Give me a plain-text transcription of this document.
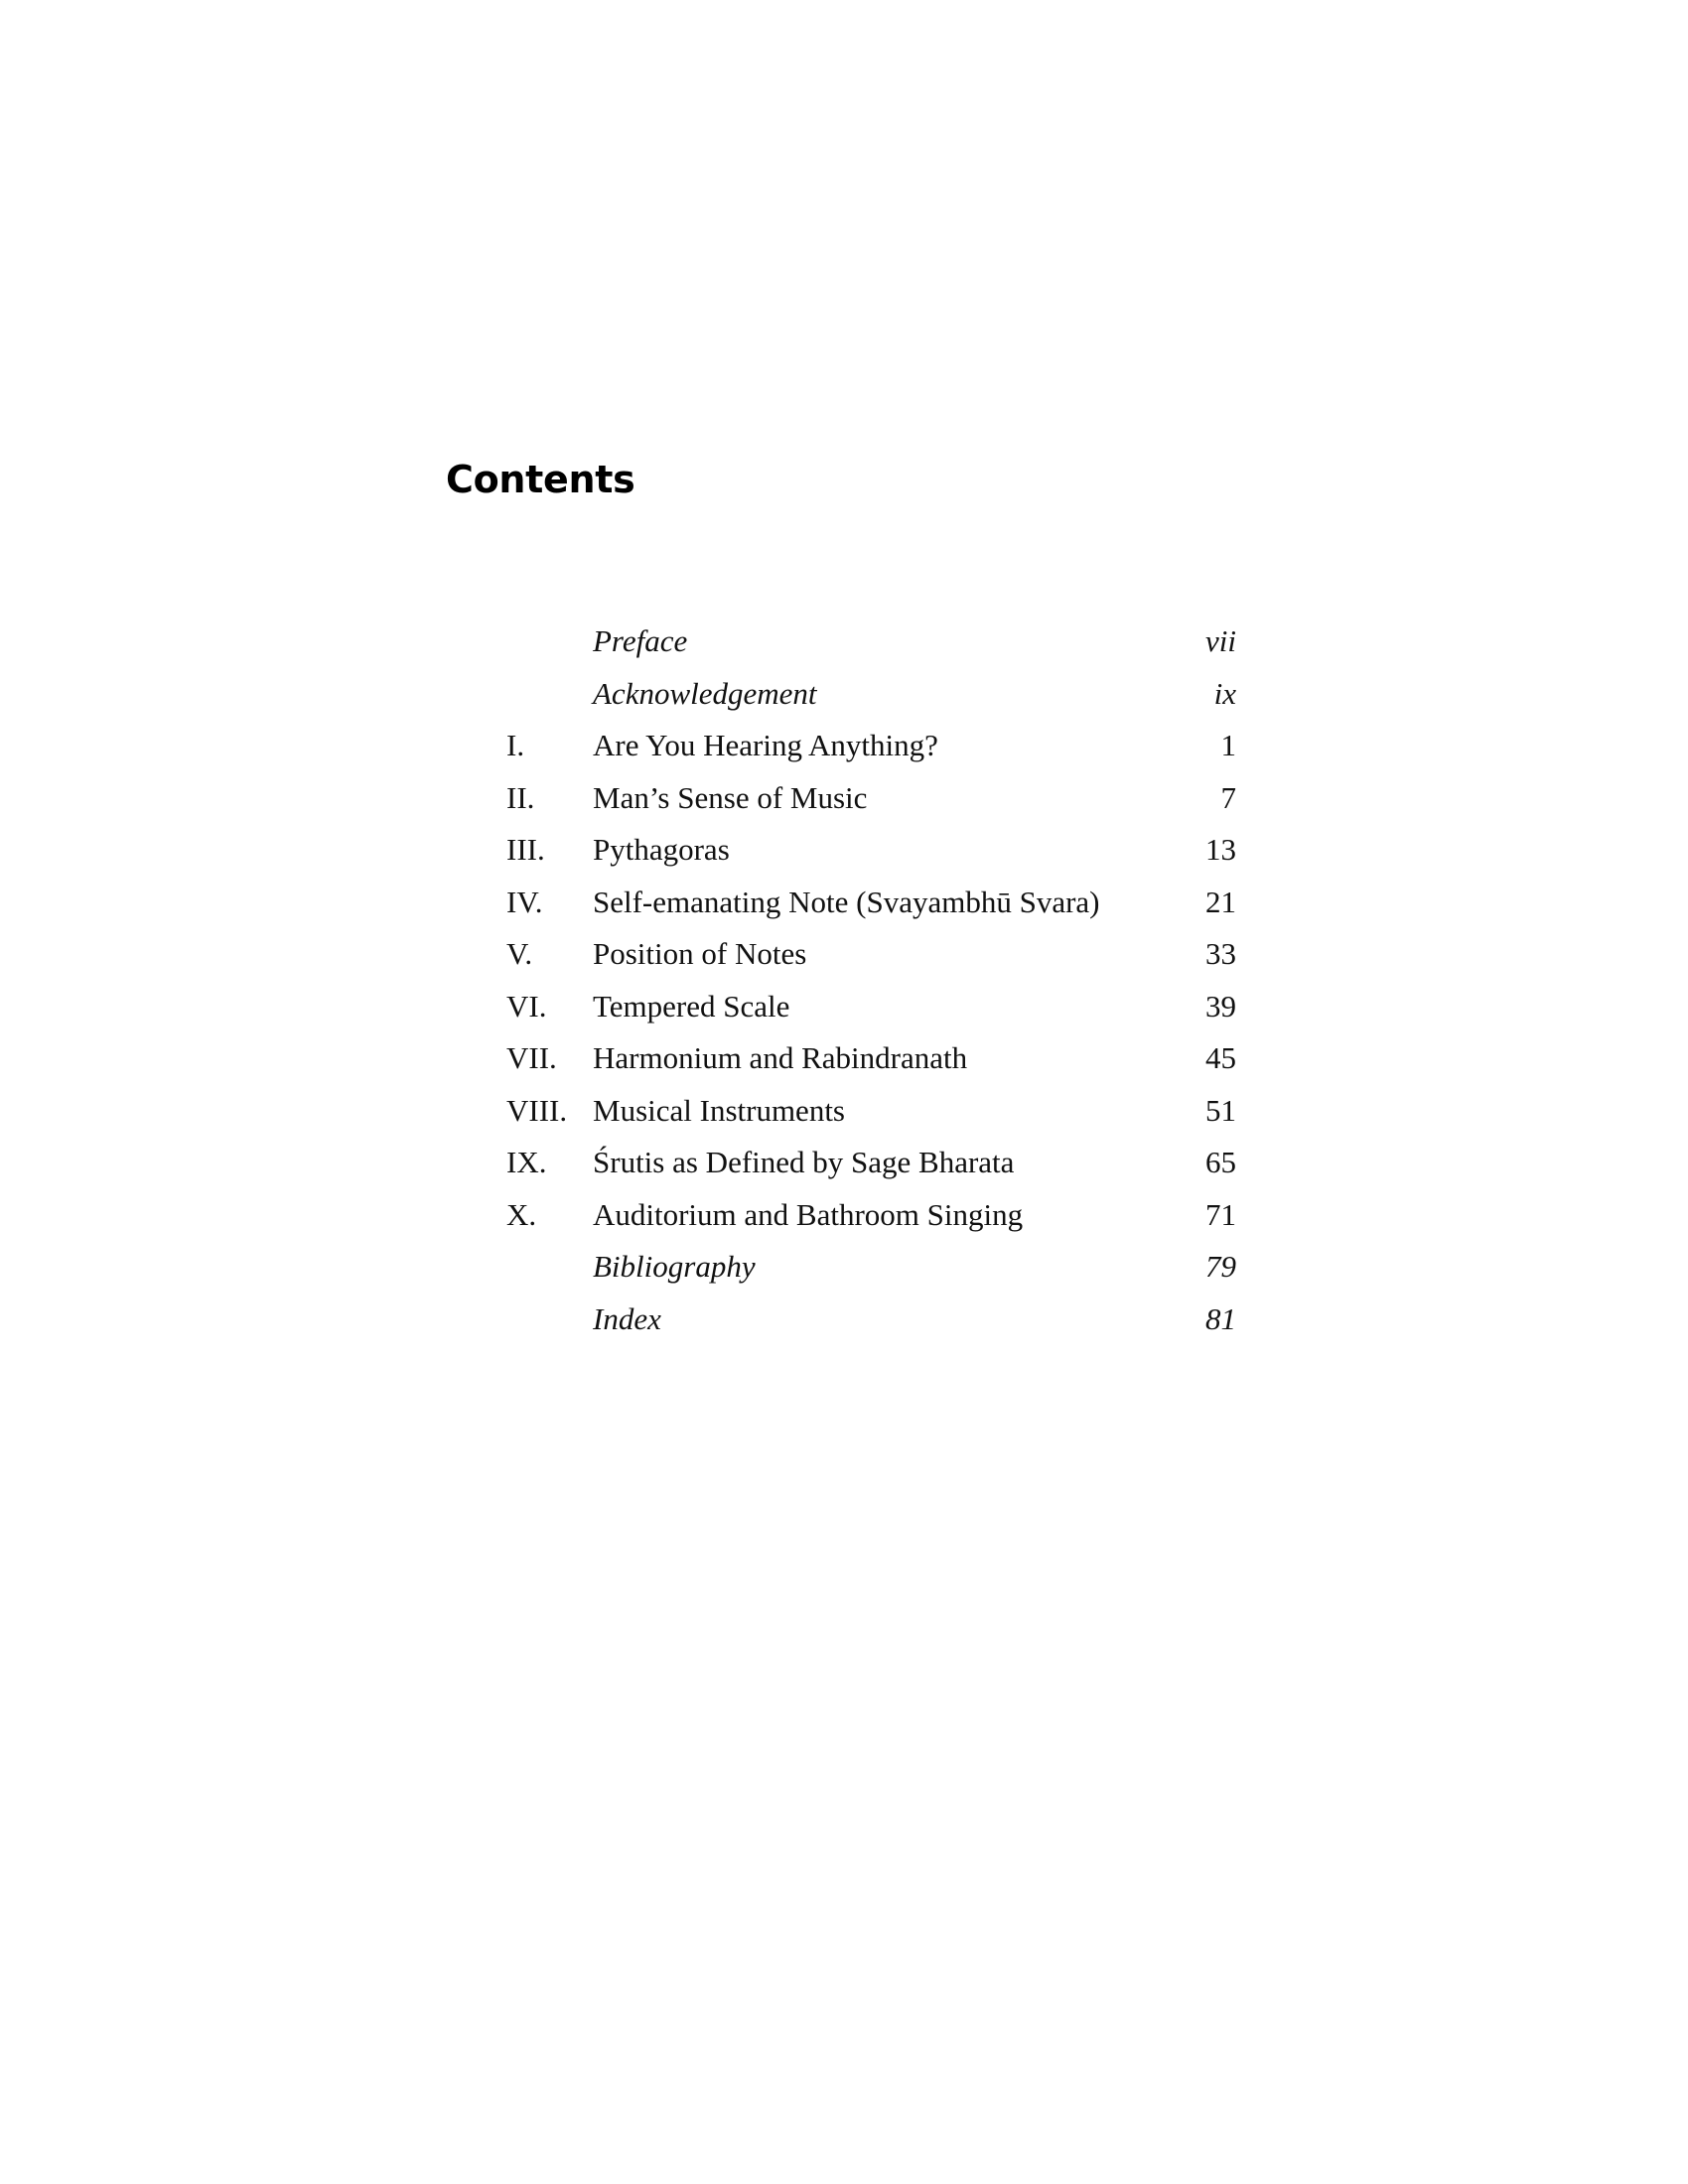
Contents
Preface	vii
Acknowledgement	ix
I. Are You Hearing Anything?	1
II. Man’s Sense of Music	7
III. Pythagoras	13
IV. Self-emanating Note (Svayambhū Svara)	21
V. Position of Notes	33
VI. Tempered Scale	39
VII. Harmonium and Rabindranath	45
VIII. Musical Instruments	51
IX. Śrutis as Defined by Sage Bharata	65
X. Auditorium and Bathroom Singing	71
Bibliography	79
Index	81
